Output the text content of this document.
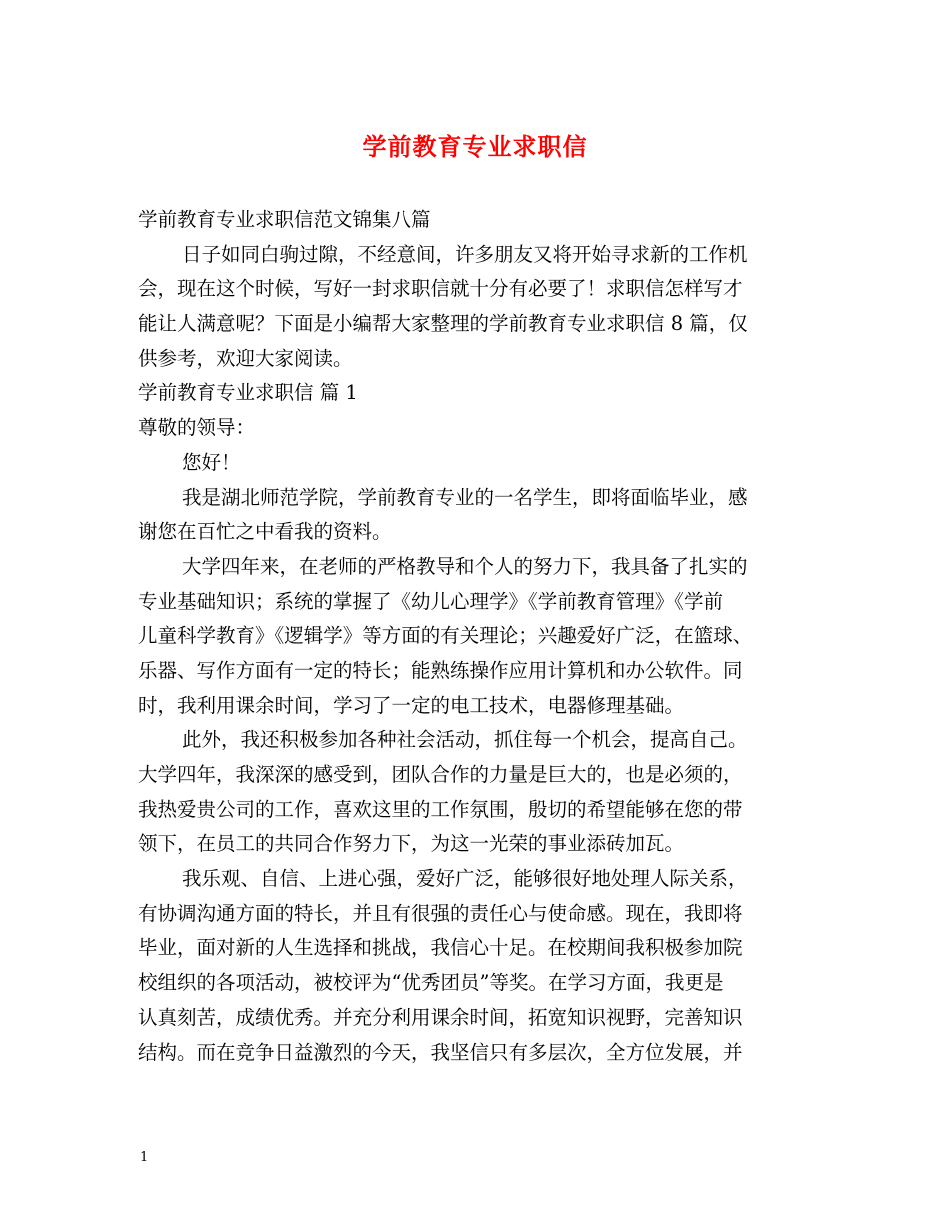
学前教育专业求职信

学前教育专业求职信范文锦集八篇

日子如同白驹过隙，不经意间，许多朋友又将开始寻求新的工作机

会，现在这个时候，写好一封求职信就十分有必要了！求职信怎样写才

能让人满意呢？下面是小编帮大家整理的学前教育专业求职信 8 篇，仅

供参考，欢迎大家阅读。

学前教育专业求职信 篇 1

尊敬的领导：

您好！

我是湖北师范学院，学前教育专业的一名学生，即将面临毕业，感

谢您在百忙之中看我的资料。

大学四年来，在老师的严格教导和个人的努力下，我具备了扎实的

专业基础知识；系统的掌握了《幼儿心理学》《学前教育管理》《学前

儿童科学教育》《逻辑学》等方面的有关理论；兴趣爱好广泛，在篮球、

乐器、写作方面有一定的特长；能熟练操作应用计算机和办公软件。同

时，我利用课余时间，学习了一定的电工技术，电器修理基础。

此外，我还积极参加各种社会活动，抓住每一个机会，提高自己。

大学四年，我深深的感受到，团队合作的力量是巨大的，也是必须的，

我热爱贵公司的工作，喜欢这里的工作氛围，殷切的希望能够在您的带

领下，在员工的共同合作努力下，为这一光荣的事业添砖加瓦。

我乐观、自信、上进心强，爱好广泛，能够很好地处理人际关系，

有协调沟通方面的特长，并且有很强的责任心与使命感。现在，我即将

毕业，面对新的人生选择和挑战，我信心十足。在校期间我积极参加院

校组织的各项活动，被校评为“优秀团员”等奖。在学习方面，我更是

认真刻苦，成绩优秀。并充分利用课余时间，拓宽知识视野，完善知识

结构。而在竞争日益激烈的今天，我坚信只有多层次，全方位发展，并

1
